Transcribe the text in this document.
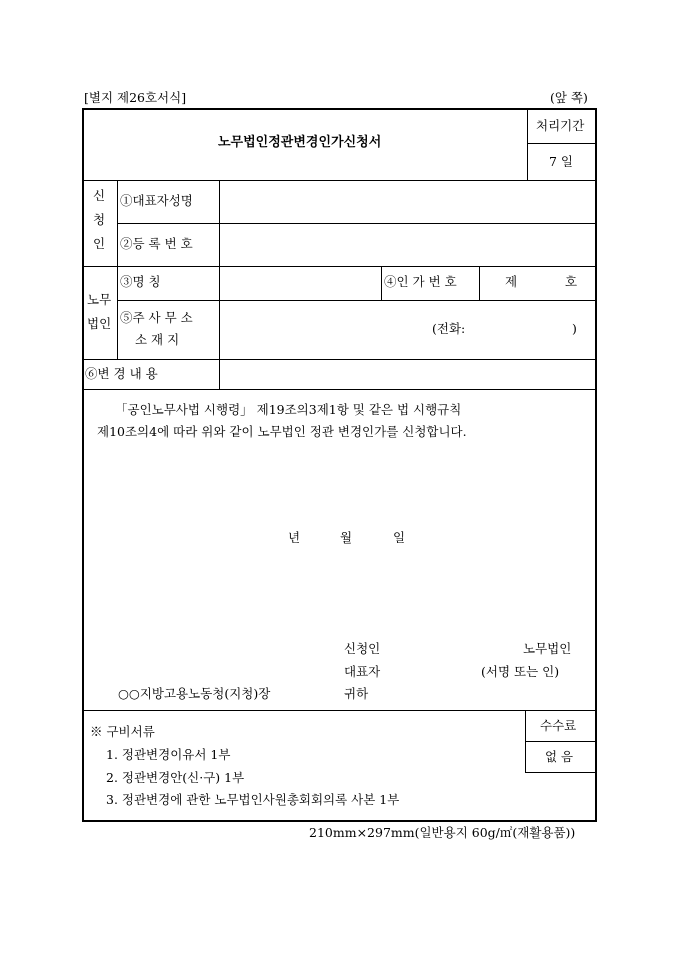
[별지 제26호서식]	(앞 쪽)
노무법인정관변경인가신청서
처리기간
7 일
신
청
인
①대표자성명
②등 록 번 호
노무
법인
③명 칭	④인 가 번 호	제	호
⑤주 사 무 소
소 재 지
(전화:	)
⑥변 경 내 용
「공인노무사법 시행령」 제19조의3제1항 및 같은 법 시행규칙
제10조의4에 따라 위와 같이 노무법인 정관 변경인가를 신청합니다.
년	월	일
신청인	노무법인
대표자	(서명 또는 인)
○○지방고용노동청(지청)장	귀하
※ 구비서류
1. 정관변경이유서 1부
2. 정관변경안(신·구) 1부
3. 정관변경에 관한 노무법인사원총회회의록 사본 1부
수수료
없 음
210mm×297mm(일반용지 60g/㎡(재활용품))
